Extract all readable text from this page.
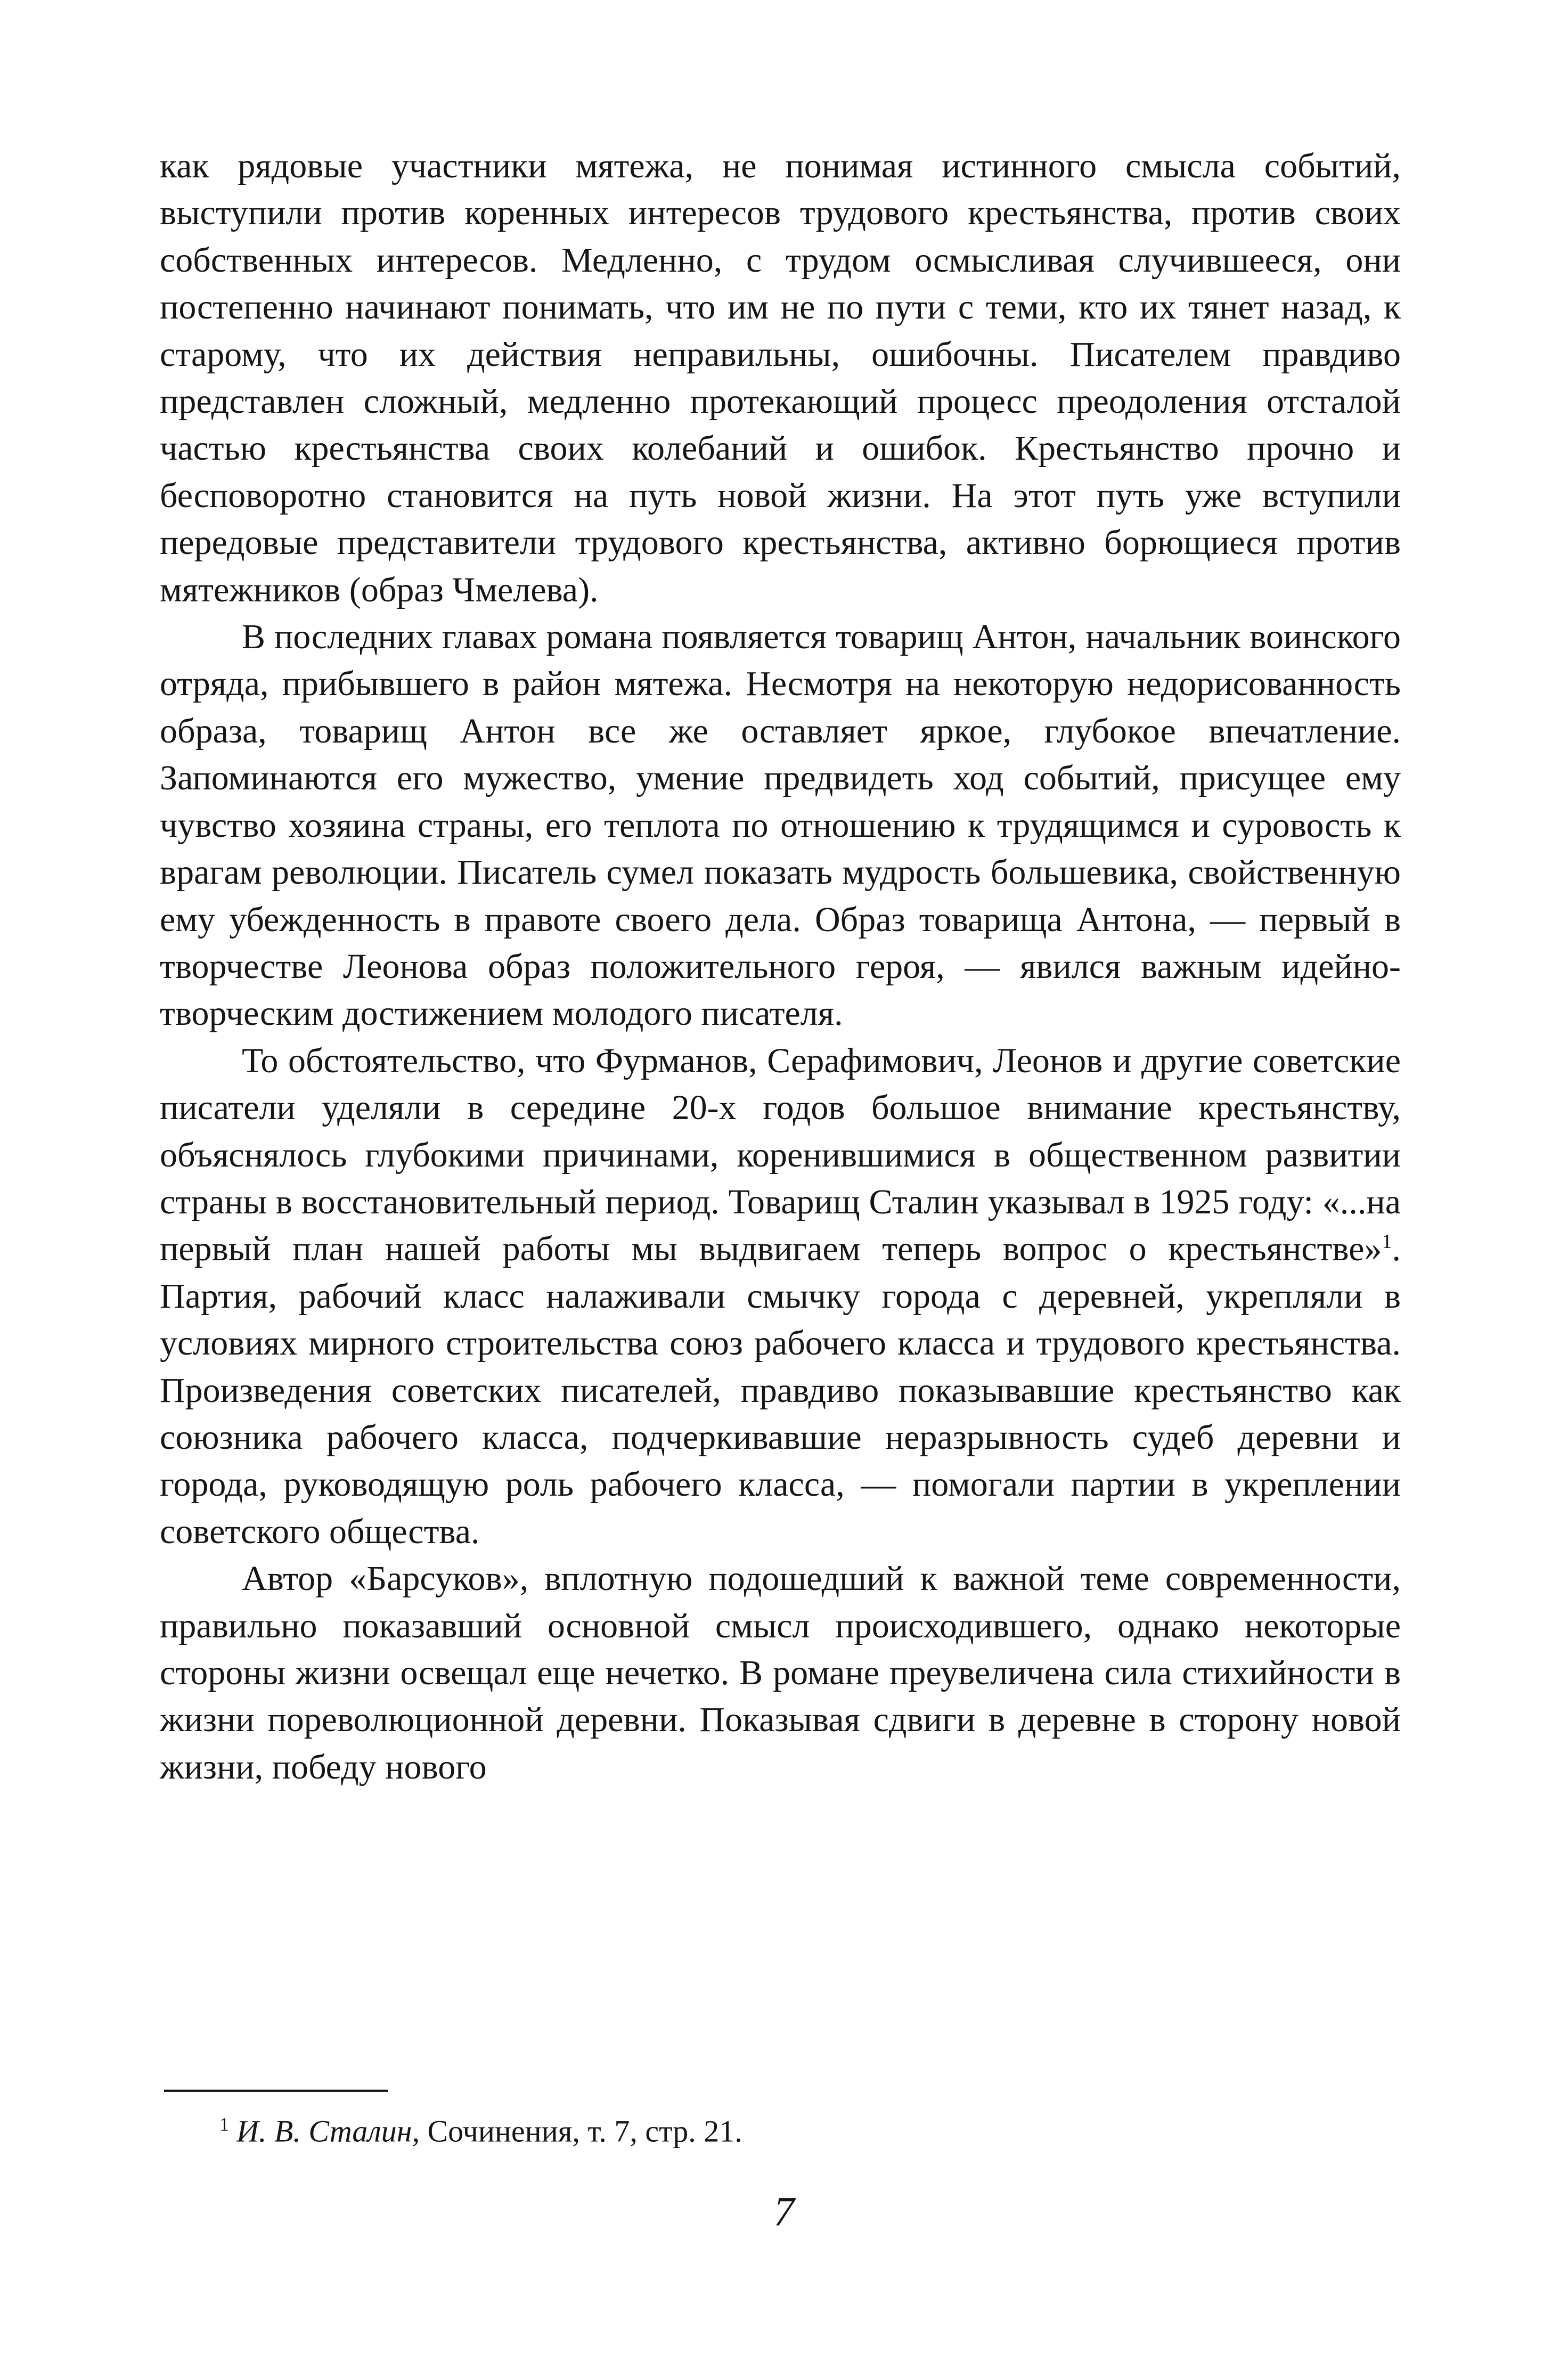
как рядовые участники мятежа, не понимая истинного смысла событий, выступили против коренных интересов трудового крестьянства, против своих собственных интересов. Медленно, с трудом осмысливая случившееся, они постепенно начинают понимать, что им не по пути с теми, кто их тянет назад, к старому, что их действия неправильны, ошибочны. Писателем правдиво представлен сложный, медленно протекающий процесс преодоления отсталой частью крестьянства своих колебаний и ошибок. Крестьянство прочно и бесповоротно становится на путь новой жизни. На этот путь уже вступили передовые представители трудового крестьянства, активно борющиеся против мятежников (образ Чмелева).

В последних главах романа появляется товарищ Антон, начальник воинского отряда, прибывшего в район мятежа. Несмотря на некоторую недорисованность образа, товарищ Антон все же оставляет яркое, глубокое впечатление. Запоминаются его мужество, умение предвидеть ход событий, присущее ему чувство хозяина страны, его теплота по отношению к трудящимся и суровость к врагам революции. Писатель сумел показать мудрость большевика, свойственную ему убежденность в правоте своего дела. Образ товарища Антона, — первый в творчестве Леонова образ положительного героя, — явился важным идейно-творческим достижением молодого писателя.

То обстоятельство, что Фурманов, Серафимович, Леонов и другие советские писатели уделяли в середине 20-х годов большое внимание крестьянству, объяснялось глубокими причинами, коренившимися в общественном развитии страны в восстановительный период. Товарищ Сталин указывал в 1925 году: «...на первый план нашей работы мы выдвигаем теперь вопрос о крестьянстве»$^1$. Партия, рабочий класс налаживали смычку города с деревней, укрепляли в условиях мирного строительства союз рабочего класса и трудового крестьянства. Произведения советских писателей, правдиво показывавшие крестьянство как союзника рабочего класса, подчеркивавшие неразрывность судеб деревни и города, руководящую роль рабочего класса, — помогали партии в укреплении советского общества.

Автор «Барсуков», вплотную подошедший к важной теме современности, правильно показавший основной смысл происходившего, однако некоторые стороны жизни освещал еще нечетко. В романе преувеличена сила стихийности в жизни пореволюционной деревни. Показывая сдвиги в деревне в сторону новой жизни, победу нового

$^1$ И. В. Сталин, Сочинения, т. 7, стр. 21.
7
